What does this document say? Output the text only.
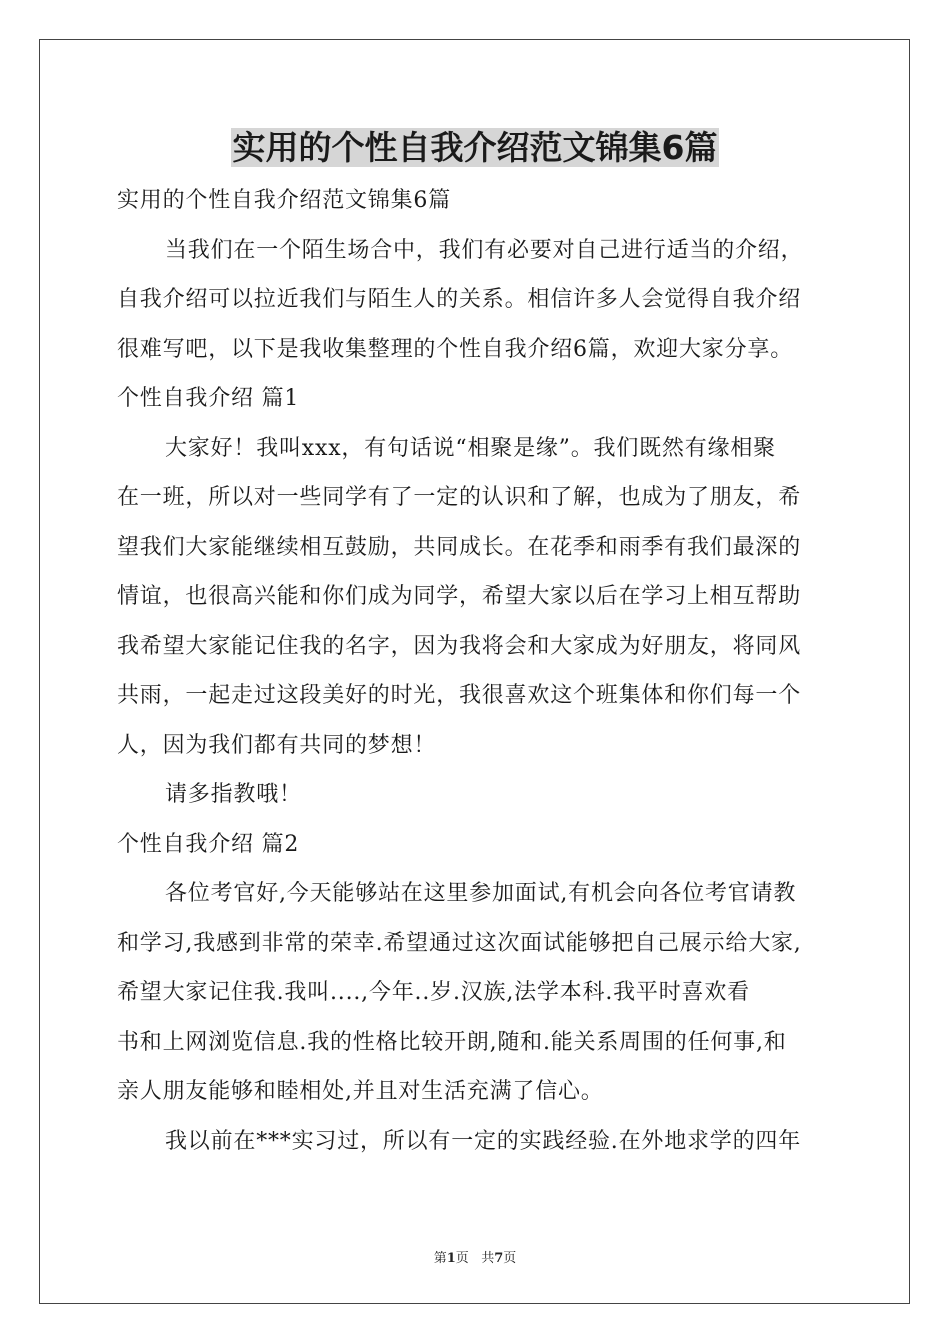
实用的个性自我介绍范文锦集6篇
实用的个性自我介绍范文锦集6篇
当我们在一个陌生场合中，我们有必要对自己进行适当的介绍，
自我介绍可以拉近我们与陌生人的关系。相信许多人会觉得自我介绍
很难写吧，以下是我收集整理的个性自我介绍6篇，欢迎大家分享。
个性自我介绍 篇1
大家好！我叫xxx，有句话说“相聚是缘”。我们既然有缘相聚
在一班，所以对一些同学有了一定的认识和了解，也成为了朋友，希
望我们大家能继续相互鼓励，共同成长。在花季和雨季有我们最深的
情谊，也很高兴能和你们成为同学，希望大家以后在学习上相互帮助
我希望大家能记住我的名字，因为我将会和大家成为好朋友，将同风
共雨，一起走过这段美好的时光，我很喜欢这个班集体和你们每一个
人，因为我们都有共同的梦想！
请多指教哦！
个性自我介绍 篇2
各位考官好,今天能够站在这里参加面试,有机会向各位考官请教
和学习,我感到非常的荣幸.希望通过这次面试能够把自己展示给大家,
希望大家记住我.我叫....,今年..岁.汉族,法学本科.我平时喜欢看
书和上网浏览信息.我的性格比较开朗,随和.能关系周围的任何事,和
亲人朋友能够和睦相处,并且对生活充满了信心。
我以前在***实习过，所以有一定的实践经验.在外地求学的四年
第1页   共7页
